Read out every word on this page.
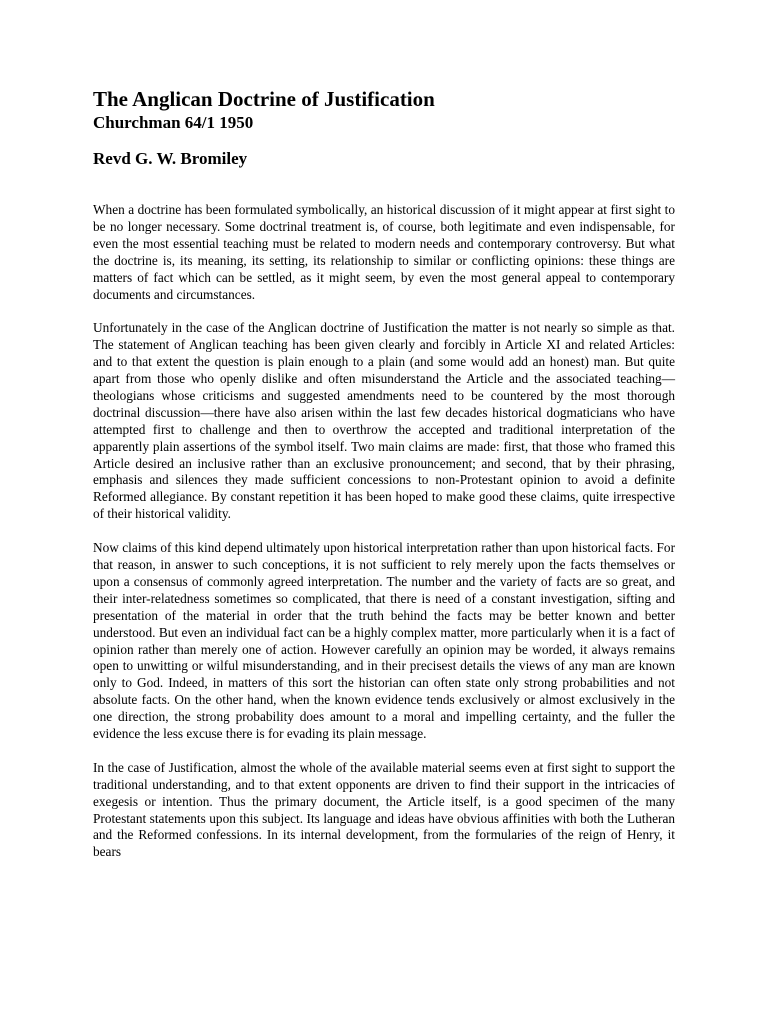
The Anglican Doctrine of Justification
Churchman 64/1 1950
Revd G. W. Bromiley

When a doctrine has been formulated symbolically, an historical discussion of it might appear at first sight to be no longer necessary. Some doctrinal treatment is, of course, both legitimate and even indispensable, for even the most essential teaching must be related to modern needs and contemporary controversy. But what the doctrine is, its meaning, its setting, its relationship to similar or conflicting opinions: these things are matters of fact which can be settled, as it might seem, by even the most general appeal to contemporary documents and circumstances.

Unfortunately in the case of the Anglican doctrine of Justification the matter is not nearly so simple as that. The statement of Anglican teaching has been given clearly and forcibly in Article XI and related Articles: and to that extent the question is plain enough to a plain (and some would add an honest) man. But quite apart from those who openly dislike and often misunderstand the Article and the associated teaching—theologians whose criticisms and suggested amendments need to be countered by the most thorough doctrinal discussion—there have also arisen within the last few decades historical dogmaticians who have attempted first to challenge and then to overthrow the accepted and traditional interpretation of the apparently plain assertions of the symbol itself. Two main claims are made: first, that those who framed this Article desired an inclusive rather than an exclusive pronouncement; and second, that by their phrasing, emphasis and silences they made sufficient concessions to non-Protestant opinion to avoid a definite Reformed allegiance. By constant repetition it has been hoped to make good these claims, quite irrespective of their historical validity.

Now claims of this kind depend ultimately upon historical interpretation rather than upon historical facts. For that reason, in answer to such conceptions, it is not sufficient to rely merely upon the facts themselves or upon a consensus of commonly agreed interpretation. The number and the variety of facts are so great, and their inter-relatedness sometimes so complicated, that there is need of a constant investigation, sifting and presentation of the material in order that the truth behind the facts may be better known and better understood. But even an individual fact can be a highly complex matter, more particularly when it is a fact of opinion rather than merely one of action. However carefully an opinion may be worded, it always remains open to unwitting or wilful misunderstanding, and in their precisest details the views of any man are known only to God. Indeed, in matters of this sort the historian can often state only strong probabilities and not absolute facts. On the other hand, when the known evidence tends exclusively or almost exclusively in the one direction, the strong probability does amount to a moral and impelling certainty, and the fuller the evidence the less excuse there is for evading its plain message.

In the case of Justification, almost the whole of the available material seems even at first sight to support the traditional understanding, and to that extent opponents are driven to find their support in the intricacies of exegesis or intention. Thus the primary document, the Article itself, is a good specimen of the many Protestant statements upon this subject. Its language and ideas have obvious affinities with both the Lutheran and the Reformed confessions. In its internal development, from the formularies of the reign of Henry, it bears
